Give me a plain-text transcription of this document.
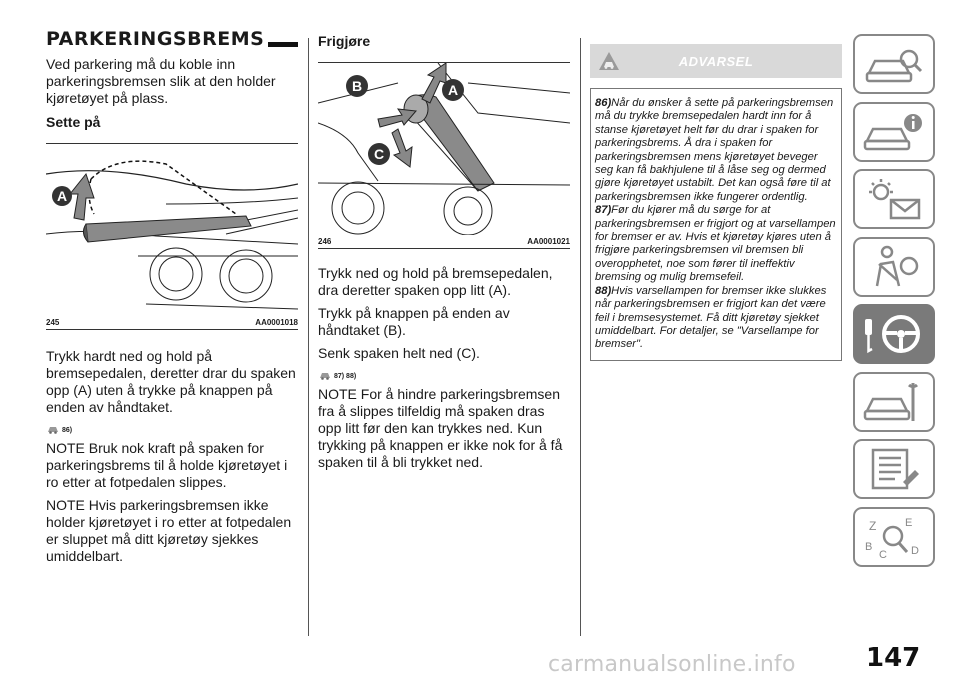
PARKERINGSBREMS

Ved parkering må du koble inn parkeringsbremsen slik at den holder kjøretøyet på plass.

Sette på
A
245	AA0001018

Trykk hardt ned og hold på bremsepedalen, deretter drar du spaken opp (A) uten å trykke på knappen på enden av håndtaket.

86)

NOTE Bruk nok kraft på spaken for parkeringsbrems til å holde kjøretøyet i ro etter at fotpedalen slippes.

NOTE Hvis parkeringsbremsen ikke holder kjøretøyet i ro etter at fotpedalen er sluppet må ditt kjøretøy sjekkes umiddelbart.

Frigjøre
B	A
C
246	AA0001021

Trykk ned og hold på bremsepedalen, dra deretter spaken opp litt (A).

Trykk på knappen på enden av håndtaket (B).

Senk spaken helt ned (C).

87) 88)

NOTE For å hindre parkeringsbremsen fra å slippes tilfeldig må spaken dras opp litt før den kan trykkes ned. Kun trykking på knappen er ikke nok for å få spaken til å bli trykket ned.

ADVARSEL

86)Når du ønsker å sette på parkeringsbremsen må du trykke bremsepedalen hardt inn for å stanse kjøretøyet helt før du drar i spaken for parkeringsbrems. Å dra i spaken for parkeringsbremsen mens kjøretøyet beveger seg kan få bakhjulene til å låse seg og dermed gjøre kjøretøyet ustabilt. Det kan også føre til at parkeringsbremsen ikke fungerer ordentlig.

87)Før du kjører må du sørge for at parkeringsbremsen er frigjort og at varsellampen for bremser er av. Hvis et kjøretøy kjøres uten å frigjøre parkeringsbremsen vil bremsen bli overopphetet, noe som fører til ineffektiv bremsing og mulig bremsefeil.

88)Hvis varsellampen for bremser ikke slukkes når parkeringsbremsen er frigjort kan det være feil i bremsesystemet. Få ditt kjøretøy sjekket umiddelbart. For detaljer, se "Varsellampe for bremser".

Z	E
B
C D
147
carmanualsonline.info
